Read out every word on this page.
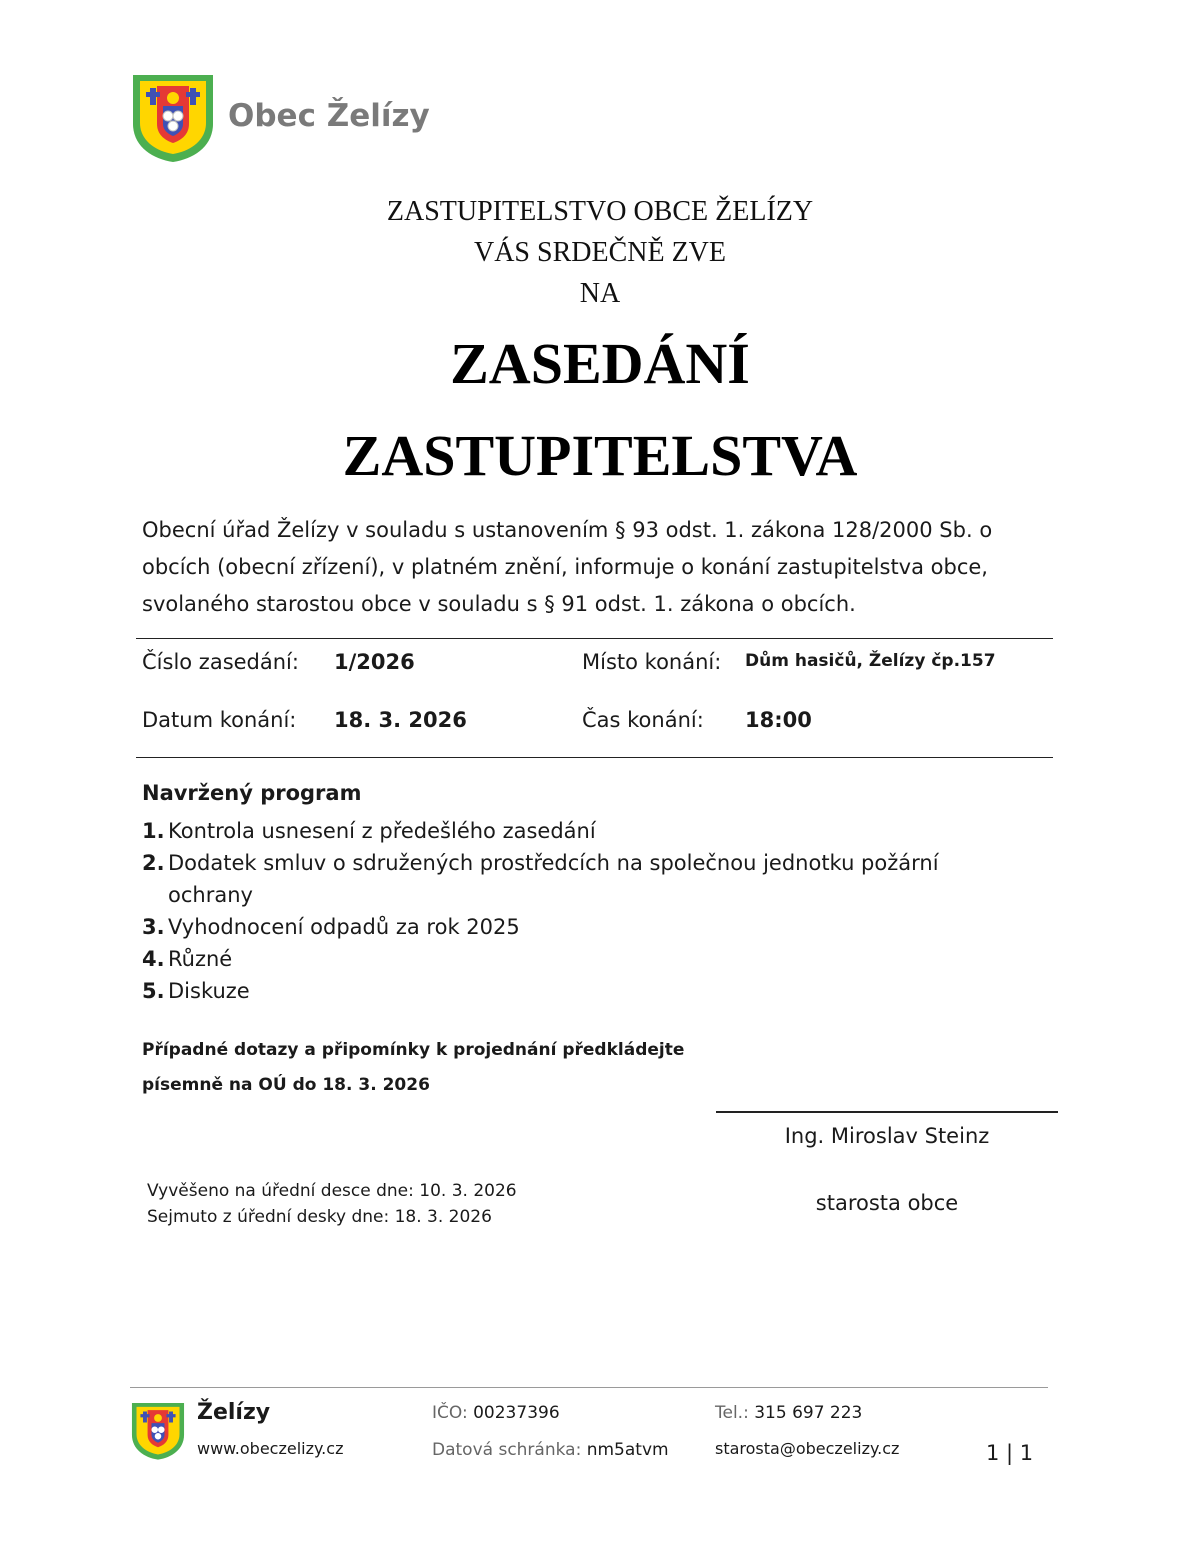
Obec Želízy
ZASTUPITELSTVO OBCE ŽELÍZY
VÁS SRDEČNĚ ZVE
NA
ZASEDÁNÍ
ZASTUPITELSTVA
Obecní úřad Želízy v souladu s ustanovením § 93 odst. 1. zákona 128/2000 Sb. o
obcích (obecní zřízení), v platném znění, informuje o konání zastupitelstva obce,
svolaného starostou obce v souladu s § 91 odst. 1. zákona o obcích.
Číslo zasedání: 1/2026	Místo konání: Dům hasičů, Želízy čp.157
Datum konání: 18. 3. 2026	Čas konání: 18:00
Navržený program
1. Kontrola usnesení z předešlého zasedání
2. Dodatek smluv o sdružených prostředcích na společnou jednotku požární ochrany
3. Vyhodnocení odpadů za rok 2025
4. Různé
5. Diskuze
Případné dotazy a připomínky k projednání předkládejte
písemně na OÚ do 18. 3. 2026
Ing. Miroslav Steinz
starosta obce
Vyvěšeno na úřední desce dne: 10. 3. 2026
Sejmuto z úřední desky dne: 18. 3. 2026
Želízy
www.obeczelizy.cz
IČO: 00237396
Datová schránka: nm5atvm
Tel.: 315 697 223
starosta@obeczelizy.cz	1 | 1
